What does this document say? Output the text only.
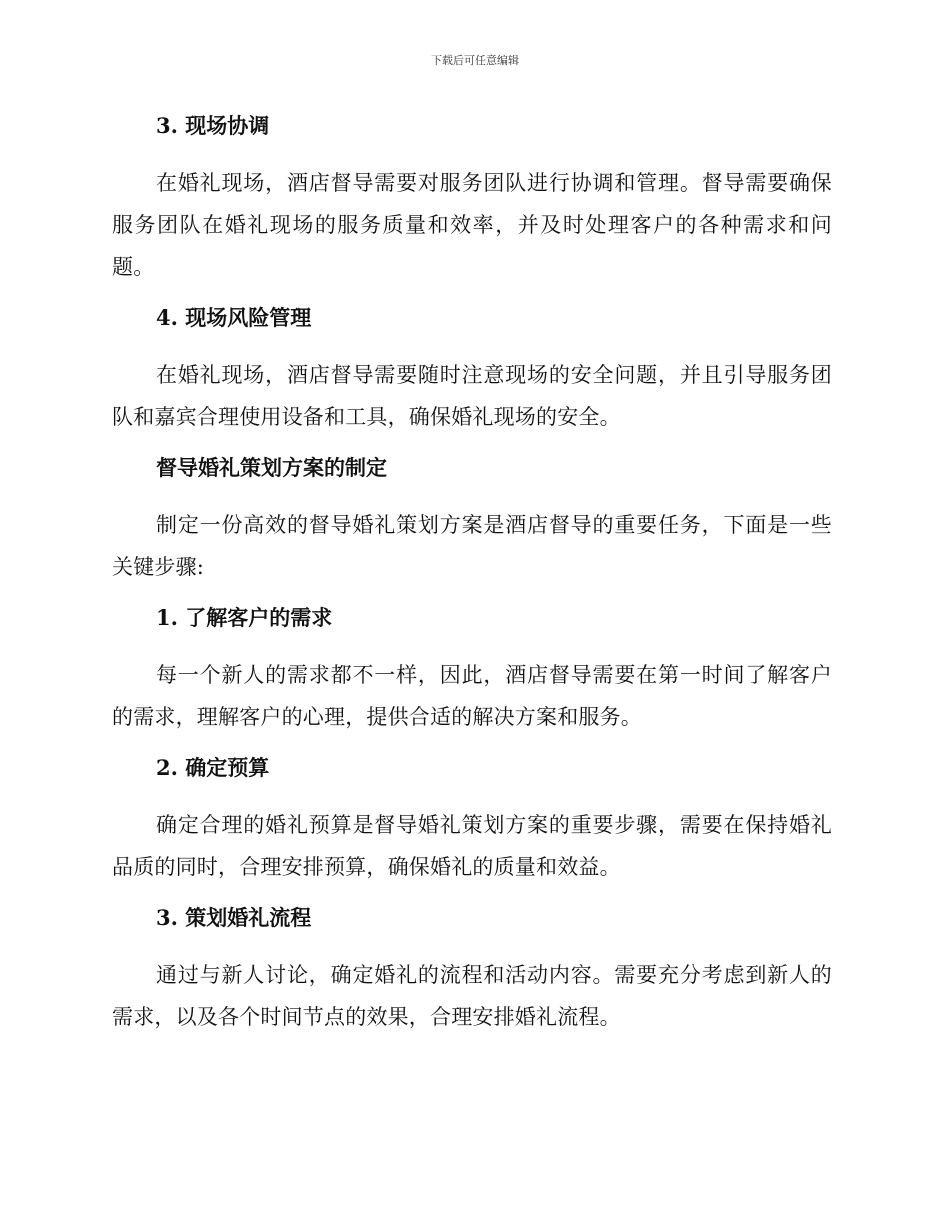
下载后可任意编辑
3. 现场协调

在婚礼现场，酒店督导需要对服务团队进行协调和管理。督导需要确保服务团队在婚礼现场的服务质量和效率，并及时处理客户的各种需求和问题。

4. 现场风险管理

在婚礼现场，酒店督导需要随时注意现场的安全问题，并且引导服务团队和嘉宾合理使用设备和工具，确保婚礼现场的安全。

督导婚礼策划方案的制定

制定一份高效的督导婚礼策划方案是酒店督导的重要任务，下面是一些关键步骤:

1. 了解客户的需求

每一个新人的需求都不一样，因此，酒店督导需要在第一时间了解客户的需求，理解客户的心理，提供合适的解决方案和服务。

2. 确定预算

确定合理的婚礼预算是督导婚礼策划方案的重要步骤，需要在保持婚礼品质的同时，合理安排预算，确保婚礼的质量和效益。

3. 策划婚礼流程

通过与新人讨论，确定婚礼的流程和活动内容。需要充分考虑到新人的需求，以及各个时间节点的效果，合理安排婚礼流程。
